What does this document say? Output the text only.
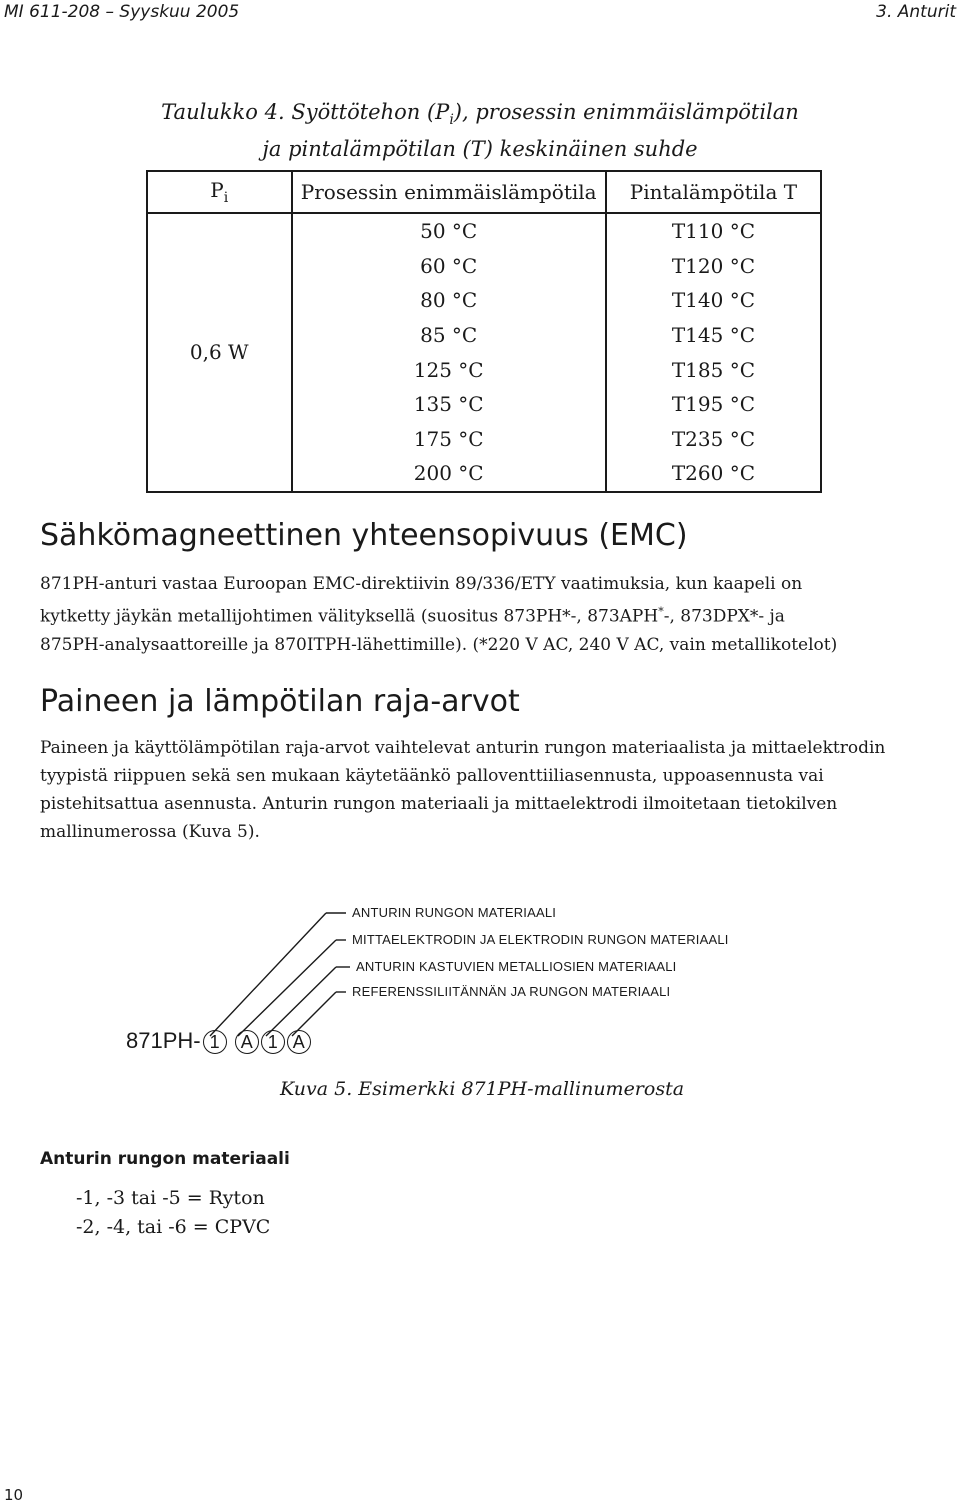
MI 611-208 – Syyskuu 2005	3. Anturit
Taulukko 4. Syöttötehon $(P_i)$, prosessin enimmäislämpötilan
ja pintalämpötilan (T) keskinäinen suhde
$P_i$	Prosessin enimmäislämpötila	Pintalämpötila T
0,6 W	50 °C	T110 °C
	60 °C	T120 °C
	80 °C	T140 °C
	85 °C	T145 °C
	125 °C	T185 °C
	135 °C	T195 °C
	175 °C	T235 °C
	200 °C	T260 °C
Sähkömagneettinen yhteensopivuus (EMC)
871PH-anturi vastaa Euroopan EMC-direktiivin 89/336/ETY vaatimuksia, kun kaapeli on
kytketty jäykän metallijohtimen välityksellä (suositus 873PH*-, 873APH*-, 873DPX*- ja
875PH-analysaattoreille ja 870ITPH-lähettimille). (*220 V AC, 240 V AC, vain metallikotelot)
Paineen ja lämpötilan raja-arvot
Paineen ja käyttölämpötilan raja-arvot vaihtelevat anturin rungon materiaalista ja mittaelektrodin
tyypistä riippuen sekä sen mukaan käytetäänkö palloventtiiliasennusta, uppoasennusta vai
pistehitsattua asennusta. Anturin rungon materiaali ja mittaelektrodi ilmoitetaan tietokilven
mallinumerossa (Kuva 5).
ANTURIN RUNGON MATERIAALI
MITTAELEKTRODIN JA ELEKTRODIN RUNGON MATERIAALI
ANTURIN KASTUVIEN METALLIOSIEN MATERIAALI
REFERENSSILIITÄNNÄN JA RUNGON MATERIAALI
871PH- 1 A 1 A
Kuva 5. Esimerkki 871PH-mallinumerosta
Anturin rungon materiaali
-1, -3 tai -5 = Ryton
-2, -4, tai -6 = CPVC
10
